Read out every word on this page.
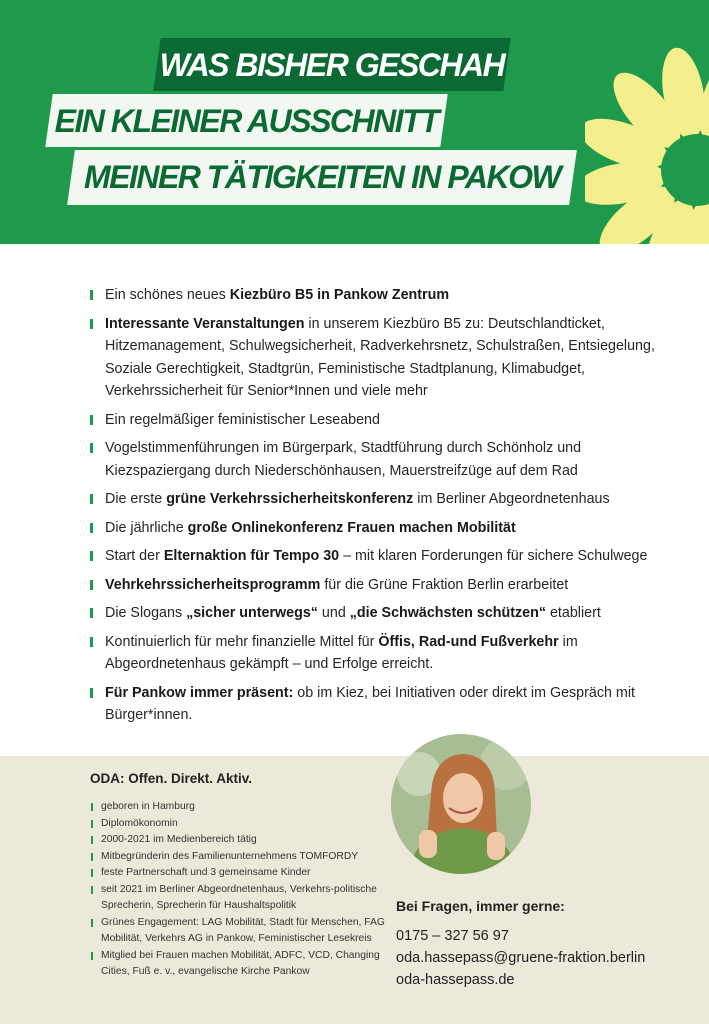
WAS BISHER GESCHAH
EIN KLEINER AUSSCHNITT
MEINER TÄTIGKEITEN IN PAKOW
Ein schönes neues Kiezbüro B5 in Pankow Zentrum
Interessante Veranstaltungen in unserem Kiezbüro B5 zu: Deutschlandticket, Hitzemanagement, Schulwegsicherheit, Radverkehrsnetz, Schulstraßen, Entsiegelung, Soziale Gerechtigkeit, Stadtgrün, Feministische Stadtplanung, Klimabudget, Verkehrssicherheit für Senior*Innen und viele mehr
Ein regelmäßiger feministischer Leseabend
Vogelstimmenführungen im Bürgerpark, Stadtführung durch Schönholz und Kiezspaziergang durch Niederschönhausen, Mauerstreifzüge auf dem Rad
Die erste grüne Verkehrssicherheitskonferenz im Berliner Abgeordnetenhaus
Die jährliche große Onlinekonferenz Frauen machen Mobilität
Start der Elternaktion für Tempo 30 – mit klaren Forderungen für sichere Schulwege
Vehrkehrssicherheitsprogramm für die Grüne Fraktion Berlin erarbeitet
Die Slogans „sicher unterwegs“ und „die Schwächsten schützen“ etabliert
Kontinuierlich für mehr finanzielle Mittel für Öffis, Rad-und Fußverkehr im Abgeordnetenhaus gekämpft – und Erfolge erreicht.
Für Pankow immer präsent: ob im Kiez, bei Initiativen oder direkt im Gespräch mit Bürger*innen.
ODA: Offen. Direkt. Aktiv.
geboren in Hamburg
Diplomökonomin
2000-2021 im Medienbereich tätig
Mitbegründerin des Familienunternehmens TOMFORDY
feste Partnerschaft und 3 gemeinsame Kinder
seit 2021 im Berliner Abgeordnetenhaus, Verkehrs-politische Sprecherin, Sprecherin für Haushaltspolitik
Grünes Engagement: LAG Mobilität, Stadt für Menschen, FAG Mobilität, Verkehrs AG in Pankow, Feministischer Lesekreis
Mitglied bei Frauen machen Mobilität, ADFC, VCD, Changing Cities, Fuß e. v., evangelische Kirche Pankow
Bei Fragen, immer gerne:
0175 – 327 56 97
oda.hassepass@gruene-fraktion.berlin
oda-hassepass.de
